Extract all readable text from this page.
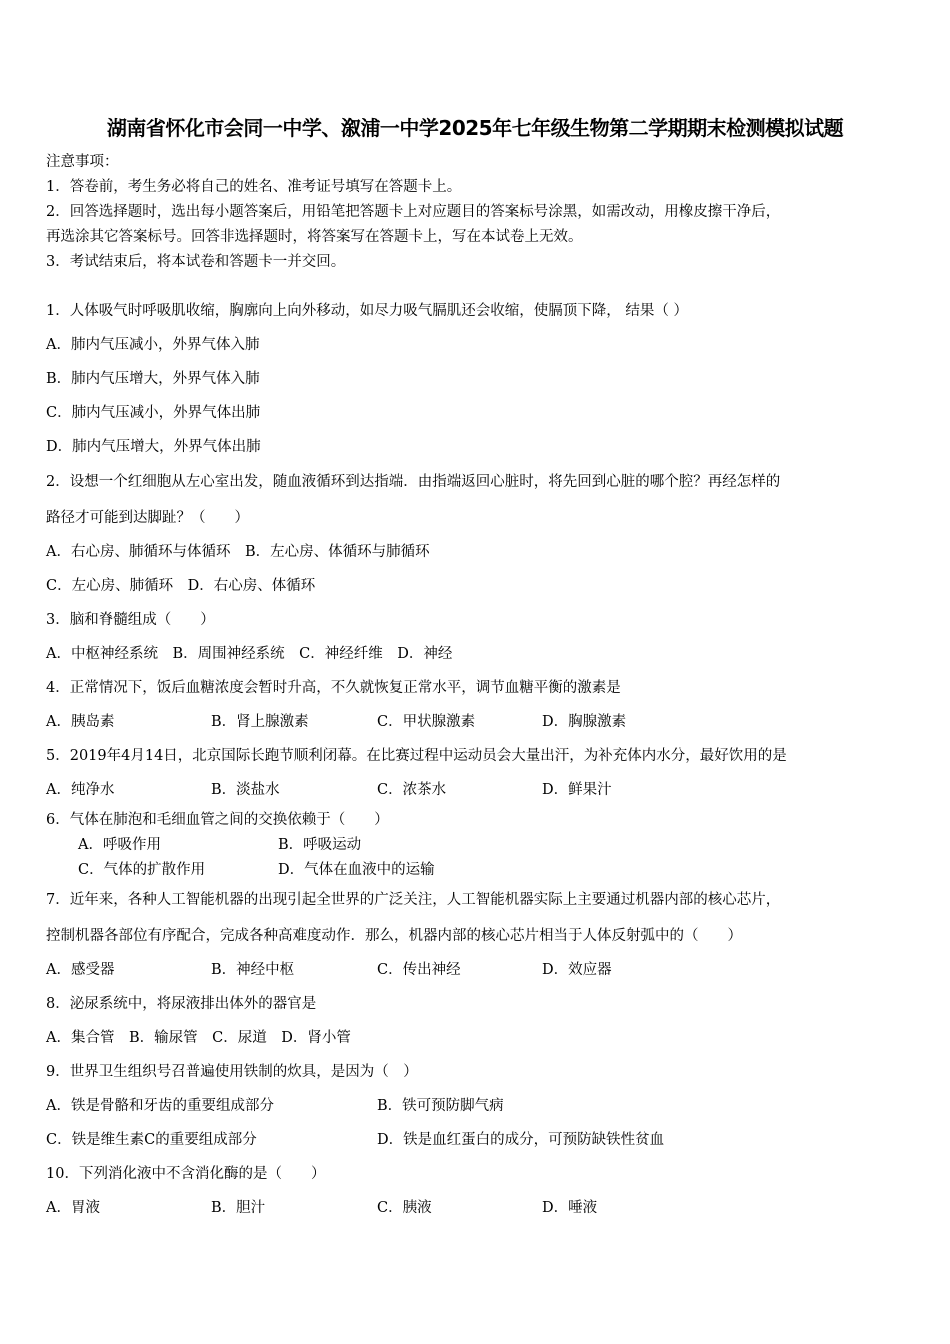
湖南省怀化市会同一中学、溆浦一中学2025年七年级生物第二学期期末检测模拟试题
注意事项：
1．答卷前，考生务必将自己的姓名、准考证号填写在答题卡上。
2．回答选择题时，选出每小题答案后，用铅笔把答题卡上对应题目的答案标号涂黑，如需改动，用橡皮擦干净后，
再选涂其它答案标号。回答非选择题时，将答案写在答题卡上，写在本试卷上无效。
3．考试结束后，将本试卷和答题卡一并交回。
1．人体吸气时呼吸肌收缩，胸廓向上向外移动，如尽力吸气膈肌还会收缩，使膈顶下降， 结果（ ）
A．肺内气压减小，外界气体入肺
B．肺内气压增大，外界气体入肺
C．肺内气压减小，外界气体出肺
D．肺内气压增大，外界气体出肺
2．设想一个红细胞从左心室出发，随血液循环到达指端．由指端返回心脏时，将先回到心脏的哪个腔？再经怎样的
路径才可能到达脚趾？（　　）
A．右心房、肺循环与体循环　B．左心房、体循环与肺循环
C．左心房、肺循环　D．右心房、体循环
3．脑和脊髓组成（　　）
A．中枢神经系统　B．周围神经系统　C．神经纤维　D．神经
4．正常情况下，饭后血糖浓度会暂时升高，不久就恢复正常水平，调节血糖平衡的激素是
A．胰岛素	B．肾上腺激素	C．甲状腺激素	D．胸腺激素
5．2019年4月14日，北京国际长跑节顺利闭幕。在比赛过程中运动员会大量出汗，为补充体内水分，最好饮用的是
A．纯净水	B．淡盐水	C．浓茶水	D．鲜果汁
6．气体在肺泡和毛细血管之间的交换依赖于（　　）
A．呼吸作用	B．呼吸运动
C．气体的扩散作用	D．气体在血液中的运输
7．近年来，各种人工智能机器的出现引起全世界的广泛关注，人工智能机器实际上主要通过机器内部的核心芯片，
控制机器各部位有序配合，完成各种高难度动作．那么，机器内部的核心芯片相当于人体反射弧中的（　　）
A．感受器	B．神经中枢	C．传出神经	D．效应器
8．泌尿系统中，将尿液排出体外的器官是
A．集合管　B．输尿管　C．尿道　D．肾小管
9．世界卫生组织号召普遍使用铁制的炊具，是因为（　）
A．铁是骨骼和牙齿的重要组成部分	B．铁可预防脚气病
C．铁是维生素C的重要组成部分	D．铁是血红蛋白的成分，可预防缺铁性贫血
10．下列消化液中不含消化酶的是（　　）
A．胃液	B．胆汁	C．胰液	D．唾液
